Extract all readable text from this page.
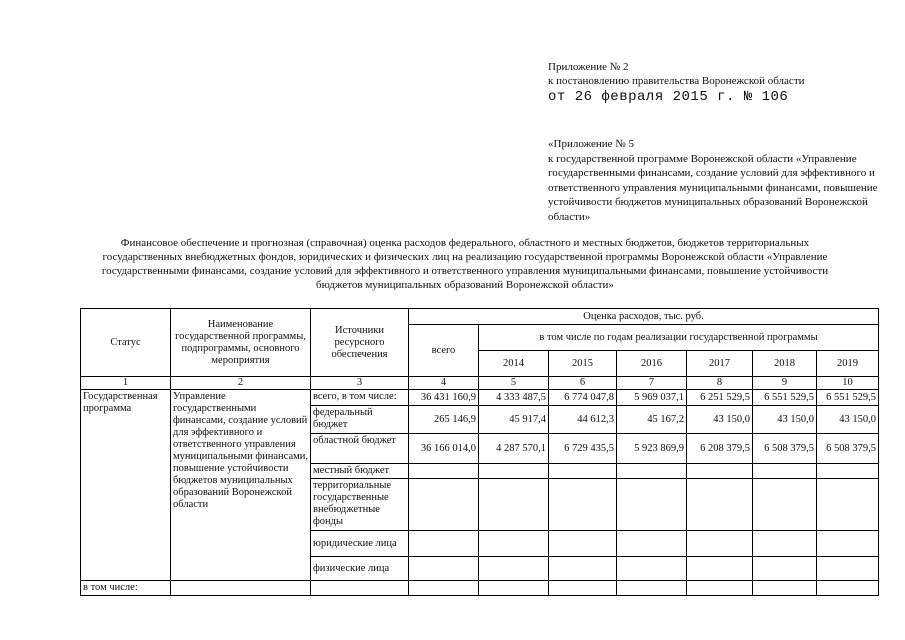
Приложение № 2
к постановлению правительства Воронежской области
от 26 февраля 2015 г. № 106
«Приложение № 5
к государственной программе Воронежской области «Управление государственными финансами, создание условий для эффективного и ответственного управления муниципальными финансами, повышение устойчивости бюджетов муниципальных образований Воронежской области»
Финансовое обеспечение и прогнозная (справочная) оценка расходов федерального, областного и местных бюджетов, бюджетов территориальных государственных внебюджетных фондов, юридических и физических лиц на реализацию государственной программы Воронежской области «Управление государственными финансами, создание условий для эффективного и ответственного управления муниципальными финансами, повышение устойчивости бюджетов муниципальных образований Воронежской области»
Статус	Наименование государственной программы, подпрограммы, основного мероприятия	Источники ресурсного обеспечения	Оценка расходов, тыс. руб.						
			всего	в том числе по годам реализации государственной программы					
				2014	2015	2016	2017	2018	2019
1	2	3	4	5	6	7	8	9	10
Государственная программа	Управление государственными финансами, создание условий для эффективного и ответственного управления муниципальными финансами, повышение устойчивости бюджетов муниципальных образований Воронежской области	всего, в том числе:	36 431 160,9	4 333 487,5	6 774 047,8	5 969 037,1	6 251 529,5	6 551 529,5	6 551 529,5
		федеральный бюджет	265 146,9	45 917,4	44 612,3	45 167,2	43 150,0	43 150,0	43 150,0
		областной бюджет	36 166 014,0	4 287 570,1	6 729 435,5	5 923 869,9	6 208 379,5	6 508 379,5	6 508 379,5
		местный бюджет							
		территориальные государственные внебюджетные фонды							
		юридические лица							
		физические лица							
в том числе:									
